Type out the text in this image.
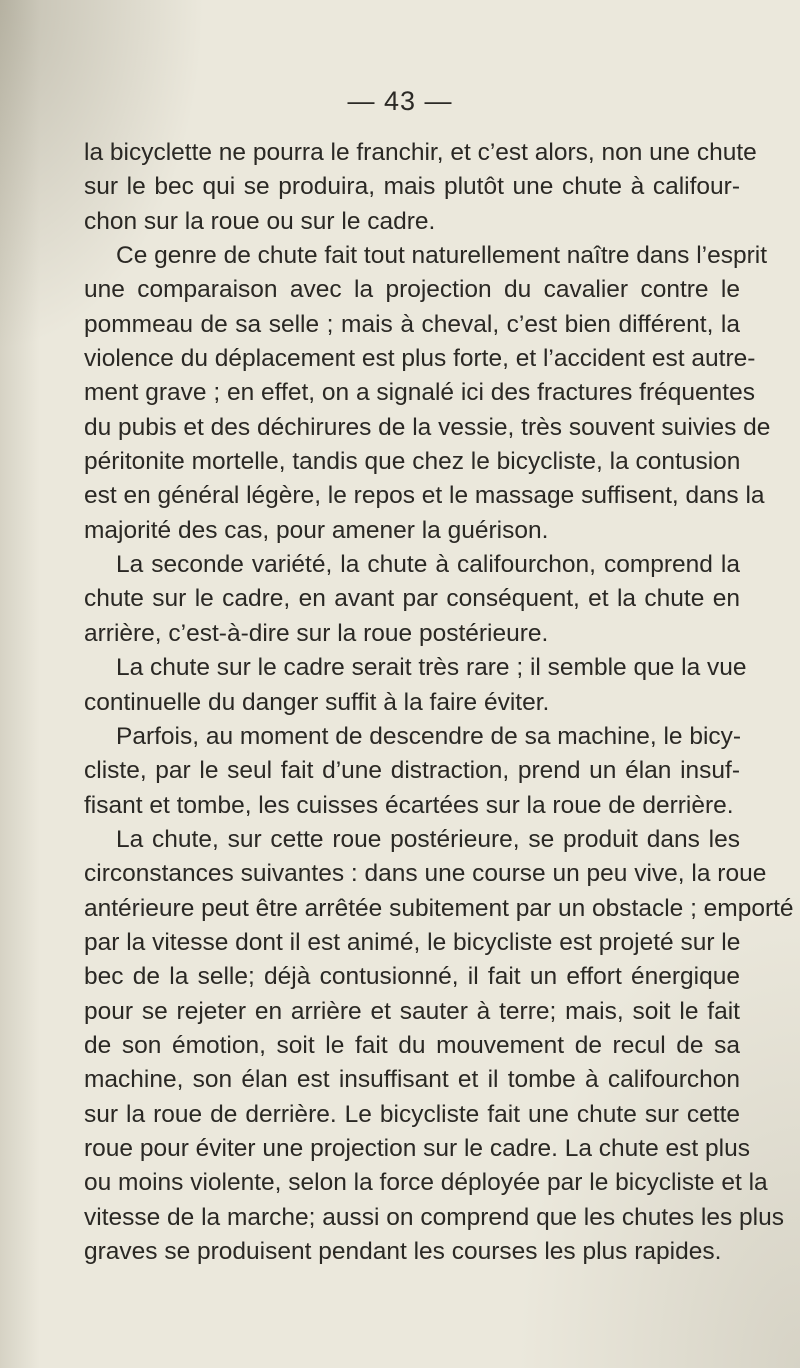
— 43 —
la bicyclette ne pourra le franchir, et c’est alors, non une chute
sur le bec qui se produira, mais plutôt une chute à califour-
chon sur la roue ou sur le cadre.
Ce genre de chute fait tout naturellement naître dans l’esprit
une comparaison avec la projection du cavalier contre le
pommeau de sa selle ; mais à cheval, c’est bien différent, la
violence du déplacement est plus forte, et l’accident est autre-
ment grave ; en effet, on a signalé ici des fractures fréquentes
du pubis et des déchirures de la vessie, très souvent suivies de
péritonite mortelle, tandis que chez le bicycliste, la contusion
est en général légère, le repos et le massage suffisent, dans la
majorité des cas, pour amener la guérison.
La seconde variété, la chute à califourchon, comprend la
chute sur le cadre, en avant par conséquent, et la chute en
arrière, c’est-à-dire sur la roue postérieure.
La chute sur le cadre serait très rare ; il semble que la vue
continuelle du danger suffit à la faire éviter.
Parfois, au moment de descendre de sa machine, le bicy-
cliste, par le seul fait d’une distraction, prend un élan insuf-
fisant et tombe, les cuisses écartées sur la roue de derrière.
La chute, sur cette roue postérieure, se produit dans les
circonstances suivantes : dans une course un peu vive, la roue
antérieure peut être arrêtée subitement par un obstacle ; emporté
par la vitesse dont il est animé, le bicycliste est projeté sur le
bec de la selle; déjà contusionné, il fait un effort énergique
pour se rejeter en arrière et sauter à terre; mais, soit le fait
de son émotion, soit le fait du mouvement de recul de sa
machine, son élan est insuffisant et il tombe à califourchon
sur la roue de derrière. Le bicycliste fait une chute sur cette
roue pour éviter une projection sur le cadre. La chute est plus
ou moins violente, selon la force déployée par le bicycliste et la
vitesse de la marche; aussi on comprend que les chutes les plus
graves se produisent pendant les courses les plus rapides.
